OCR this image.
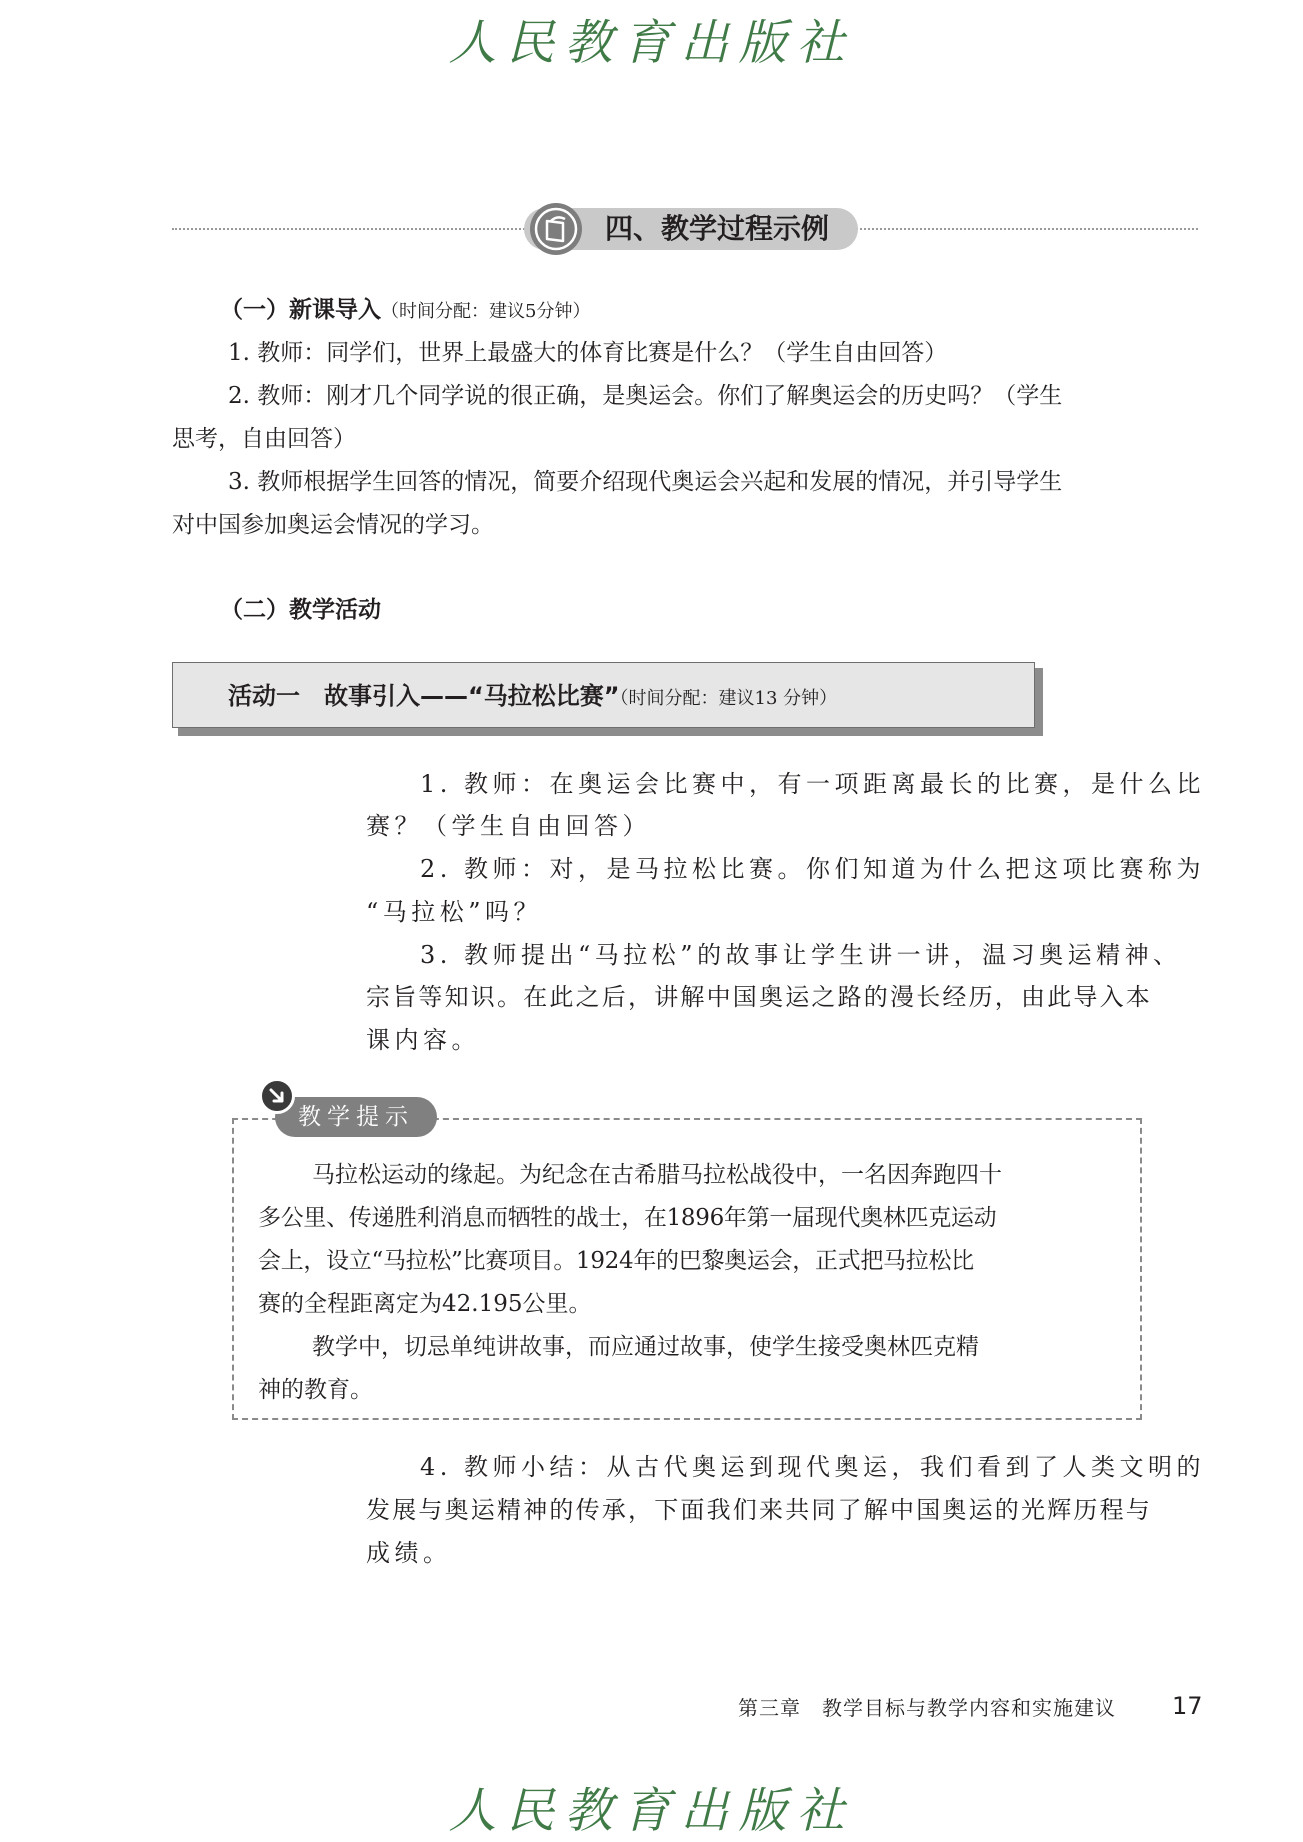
人民教育出版社
四、教学过程示例
（一）新课导入（时间分配：建议5分钟）
1. 教师：同学们，世界上最盛大的体育比赛是什么？（学生自由回答）
2. 教师：刚才几个同学说的很正确，是奥运会。你们了解奥运会的历史吗？（学生
思考，自由回答）
3. 教师根据学生回答的情况，简要介绍现代奥运会兴起和发展的情况，并引导学生
对中国参加奥运会情况的学习。
（二）教学活动
活动一　故事引入——“马拉松比赛”（时间分配：建议13 分钟）
1. 教师：在奥运会比赛中，有一项距离最长的比赛，是什么比
赛？（学生自由回答）
2. 教师：对，是马拉松比赛。你们知道为什么把这项比赛称为
“马拉松”吗？
3. 教师提出“马拉松”的故事让学生讲一讲，温习奥运精神、
宗旨等知识。在此之后，讲解中国奥运之路的漫长经历，由此导入本
课内容。
教学提示
马拉松运动的缘起。为纪念在古希腊马拉松战役中，一名因奔跑四十
多公里、传递胜利消息而牺牲的战士，在1896年第一届现代奥林匹克运动
会上，设立“马拉松”比赛项目。1924年的巴黎奥运会，正式把马拉松比
赛的全程距离定为42.195公里。
教学中，切忌单纯讲故事，而应通过故事，使学生接受奥林匹克精
神的教育。
4. 教师小结：从古代奥运到现代奥运，我们看到了人类文明的
发展与奥运精神的传承，下面我们来共同了解中国奥运的光辉历程与
成绩。
第三章　教学目标与教学内容和实施建议 17
人民教育出版社
